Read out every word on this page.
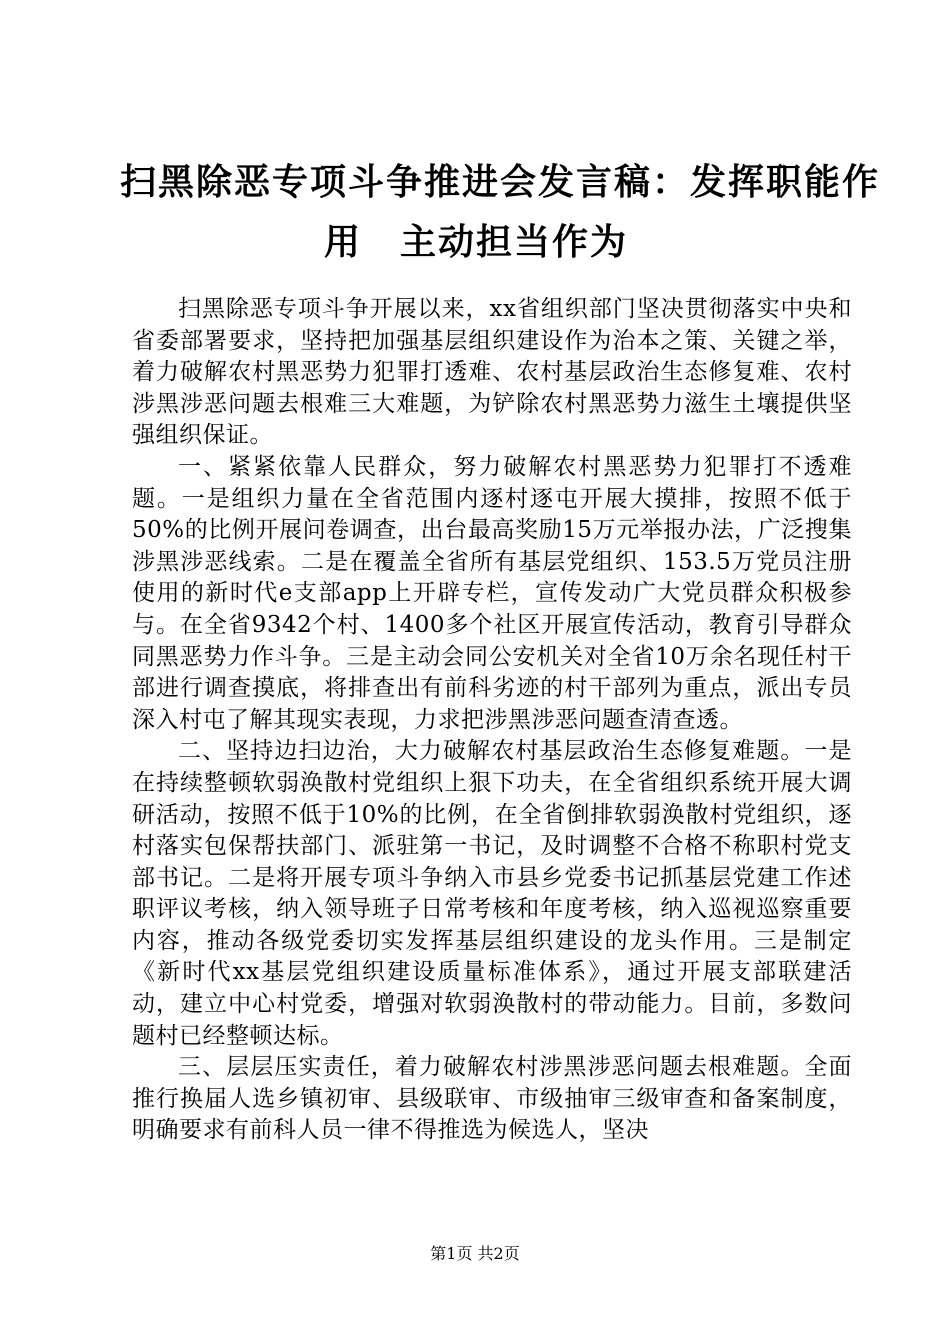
扫黑除恶专项斗争推进会发言稿：发挥职能作
用　主动担当作为

扫黑除恶专项斗争开展以来，xx省组织部门坚决贯彻落实中央和省委部署要求，坚持把加强基层组织建设作为治本之策、关键之举，着力破解农村黑恶势力犯罪打透难、农村基层政治生态修复难、农村涉黑涉恶问题去根难三大难题，为铲除农村黑恶势力滋生土壤提供坚强组织保证。

一、紧紧依靠人民群众，努力破解农村黑恶势力犯罪打不透难题。一是组织力量在全省范围内逐村逐屯开展大摸排，按照不低于50%的比例开展问卷调查，出台最高奖励15万元举报办法，广泛搜集涉黑涉恶线索。二是在覆盖全省所有基层党组织、153.5万党员注册使用的新时代e支部app上开辟专栏，宣传发动广大党员群众积极参与。在全省9342个村、1400多个社区开展宣传活动，教育引导群众同黑恶势力作斗争。三是主动会同公安机关对全省10万余名现任村干部进行调查摸底，将排查出有前科劣迹的村干部列为重点，派出专员深入村屯了解其现实表现，力求把涉黑涉恶问题查清查透。

二、坚持边扫边治，大力破解农村基层政治生态修复难题。一是在持续整顿软弱涣散村党组织上狠下功夫，在全省组织系统开展大调研活动，按照不低于10%的比例，在全省倒排软弱涣散村党组织，逐村落实包保帮扶部门、派驻第一书记，及时调整不合格不称职村党支部书记。二是将开展专项斗争纳入市县乡党委书记抓基层党建工作述职评议考核，纳入领导班子日常考核和年度考核，纳入巡视巡察重要内容，推动各级党委切实发挥基层组织建设的龙头作用。三是制定《新时代xx基层党组织建设质量标准体系》，通过开展支部联建活动，建立中心村党委，增强对软弱涣散村的带动能力。目前，多数问题村已经整顿达标。

三、层层压实责任，着力破解农村涉黑涉恶问题去根难题。全面推行换届人选乡镇初审、县级联审、市级抽审三级审查和备案制度，明确要求有前科人员一律不得推选为候选人，坚决

第1页 共2页
